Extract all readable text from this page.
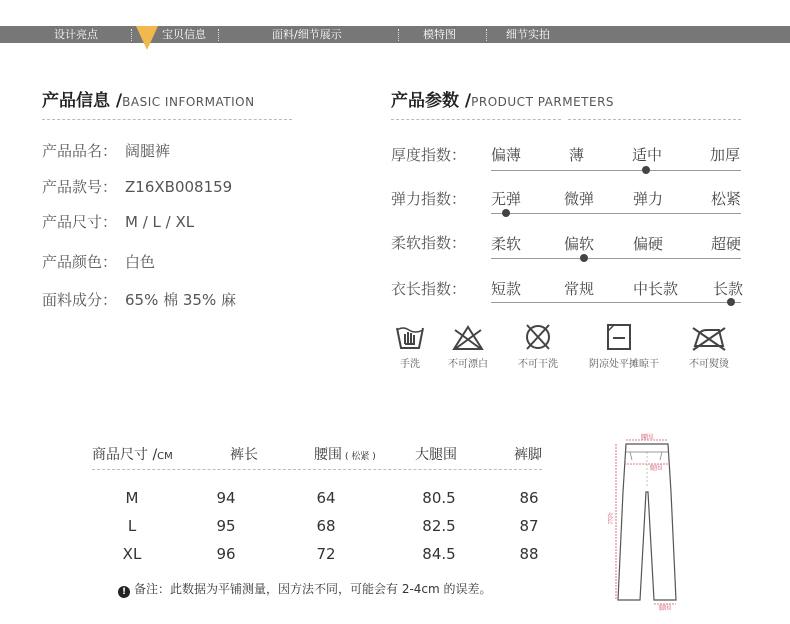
设计亮点	宝贝信息	面料/细节展示	模特图	细节实拍
产品信息 /BASIC INFORMATION
产品品名： 阔腿裤
产品款号： Z16XB008159
产品尺寸： M / L / XL
产品颜色： 白色
面料成分： 65% 棉 35% 麻
产品参数 /PRODUCT PARMETERS
厚度指数： 偏薄	薄	适中	加厚
弹力指数： 无弹	微弹	弹力	松紧
柔软指数： 柔软	偏软	偏硬	超硬
衣长指数： 短款	常规	中长款 长款
手洗	不可漂白	不可干洗	阴凉处平摊晾干	不可熨烫
商品尺寸 /CM	裤长	腰围 ( 松紧 )	大腿围	裤脚
M	94	64	80.5	86
L	95	68	82.5	87
XL	96	72	84.5	88
! 备注：此数据为平铺测量，因方法不同，可能会有 2-4cm 的误差。
腰围
腿围
衣长
脚围
